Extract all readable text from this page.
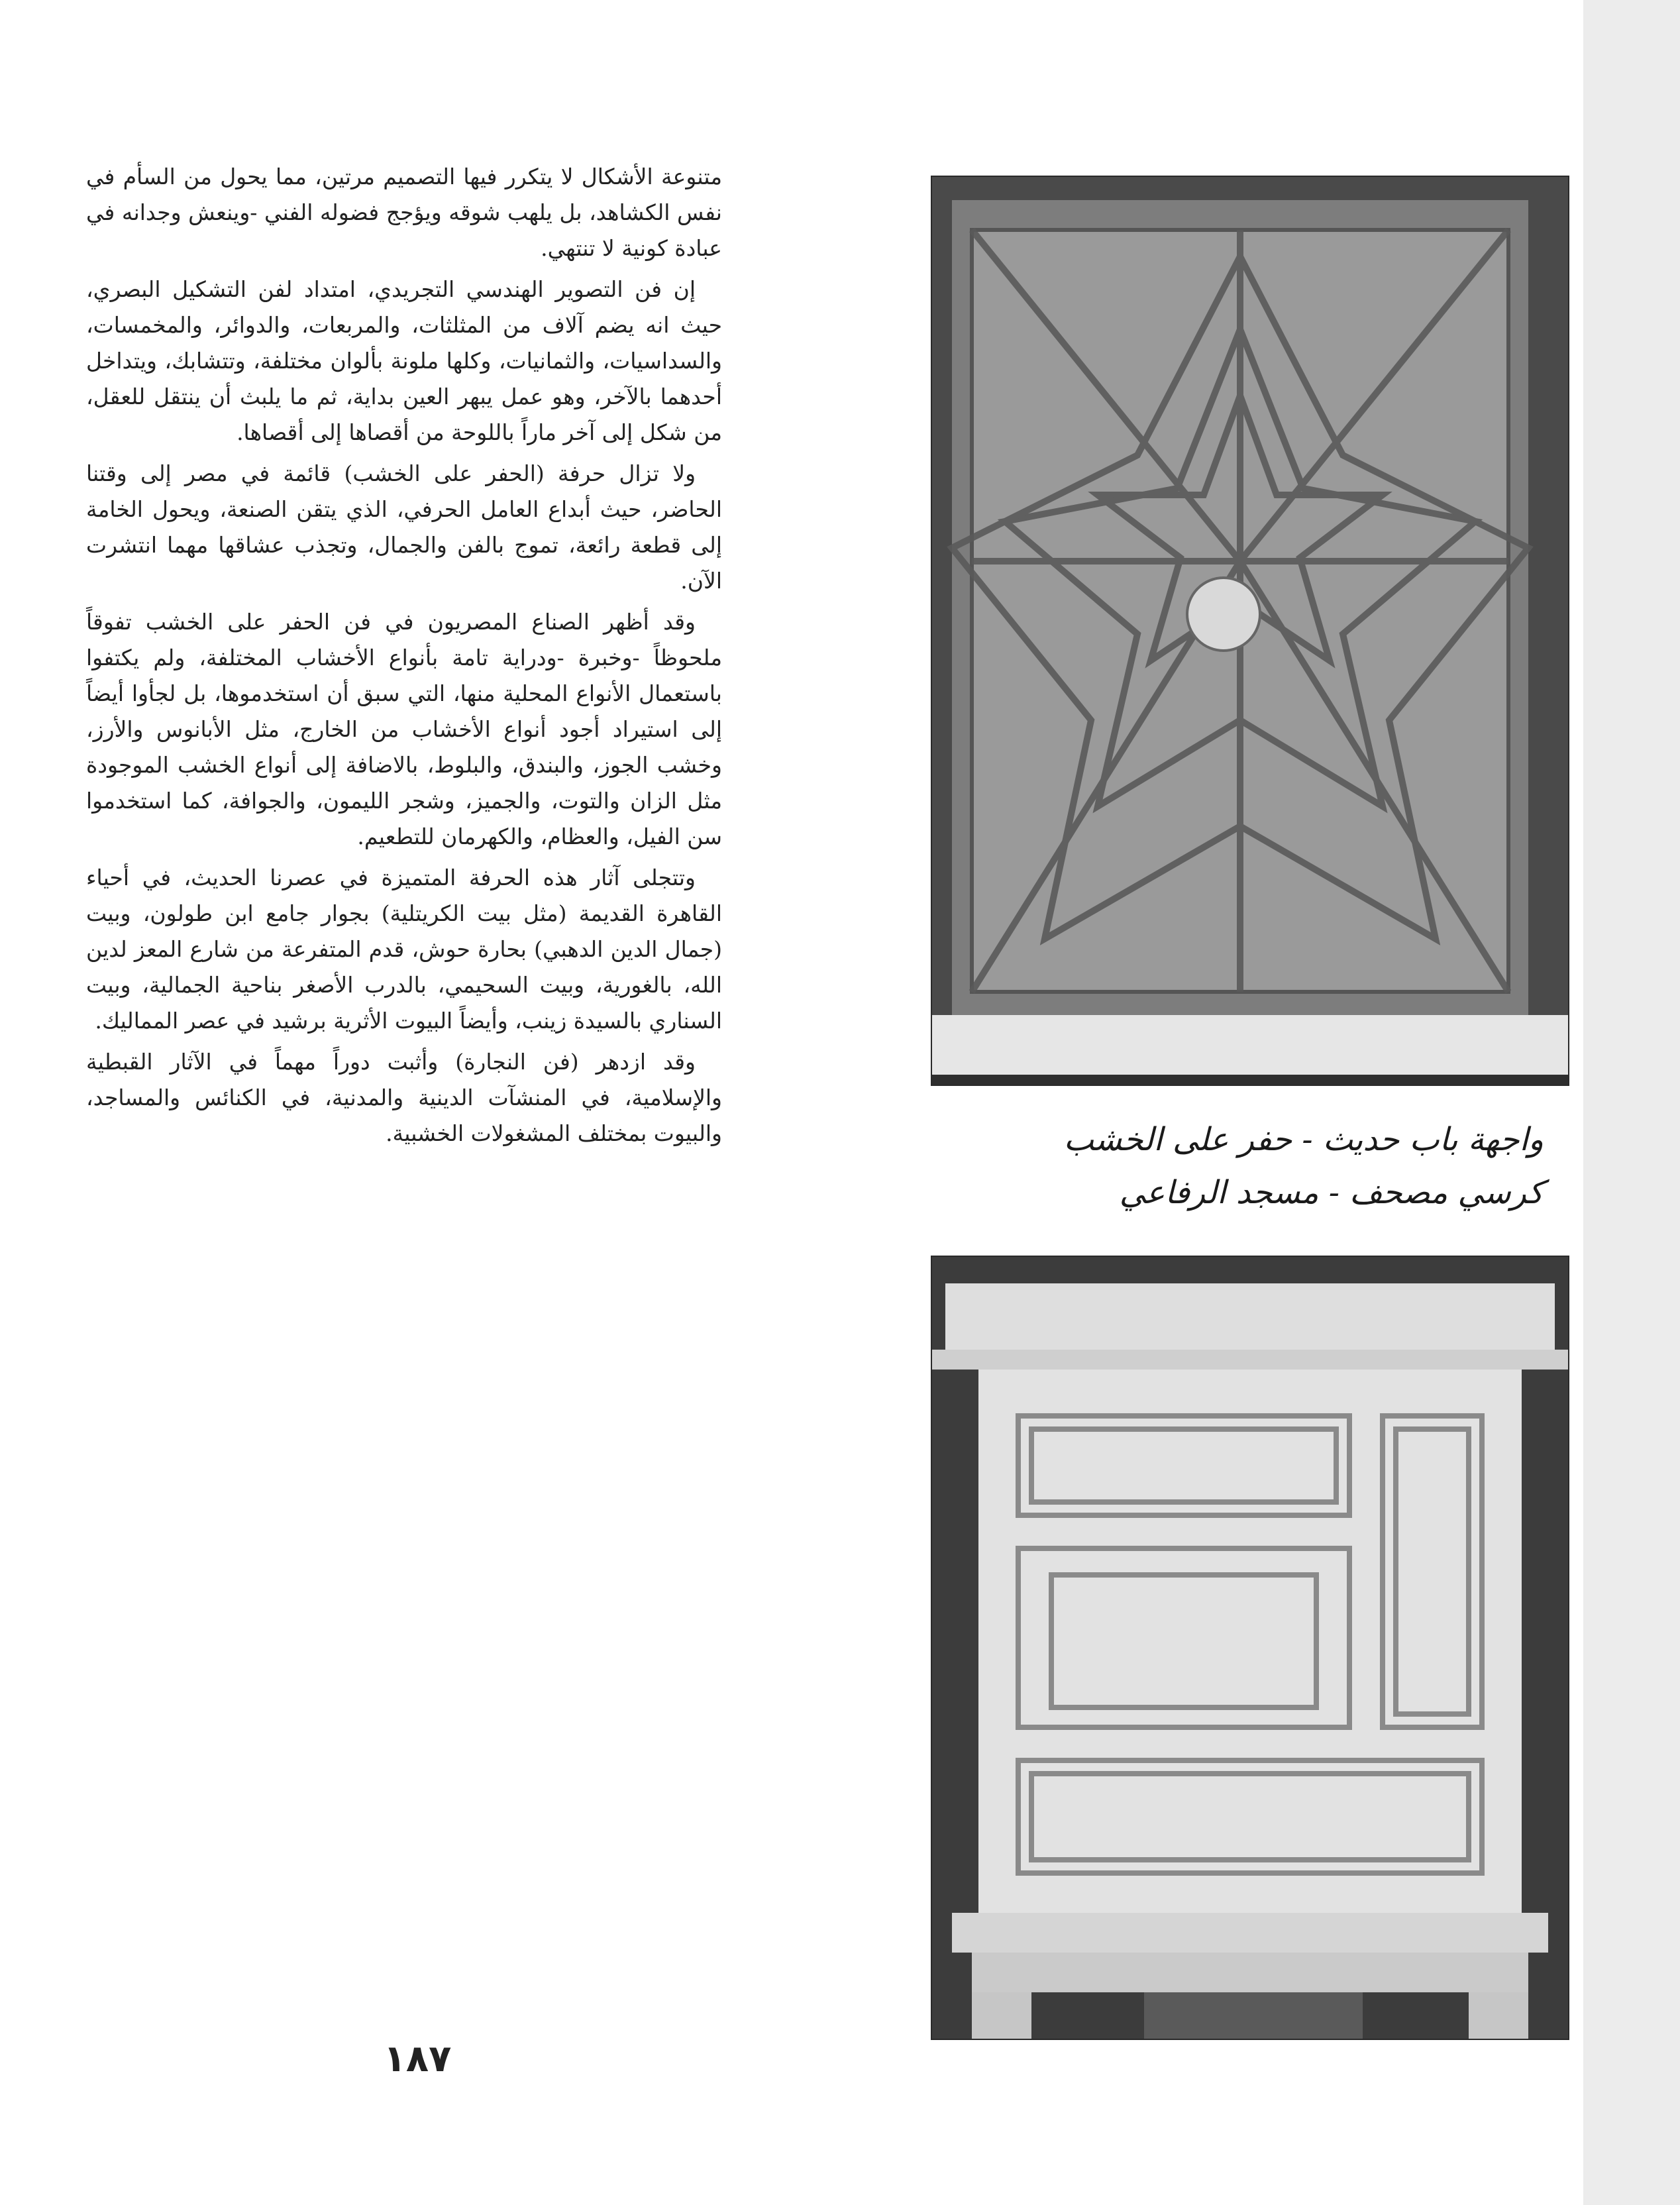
متنوعة الأشكال لا يتكرر فيها التصميم مرتين، مما يحول من السأم في نفس الكشاهد، بل يلهب شوقه ويؤجج فضوله الفني -وينعش وجدانه في عبادة كونية لا تنتهي.

إن فن التصوير الهندسي التجريدي، امتداد لفن التشكيل البصري، حيث انه يضم آلاف من المثلثات، والمربعات، والدوائر، والمخمسات، والسداسيات، والثمانيات، وكلها ملونة بألوان مختلفة، وتتشابك، ويتداخل أحدهما بالآخر، وهو عمل يبهر العين بداية، ثم ما يلبث أن ينتقل للعقل، من شكل إلى آخر ماراً باللوحة من أقصاها إلى أقصاها.

ولا تزال حرفة (الحفر على الخشب) قائمة في مصر إلى وقتنا الحاضر، حيث أبداع العامل الحرفي، الذي يتقن الصنعة، ويحول الخامة إلى قطعة رائعة، تموج بالفن والجمال، وتجذب عشاقها مهما انتشرت الآن.

وقد أظهر الصناع المصريون في فن الحفر على الخشب تفوقاً ملحوظاً -وخبرة -ودراية تامة بأنواع الأخشاب المختلفة، ولم يكتفوا باستعمال الأنواع المحلية منها، التي سبق أن استخدموها، بل لجأوا أيضاً إلى استيراد أجود أنواع الأخشاب من الخارج، مثل الأبانوس والأرز، وخشب الجوز، والبندق، والبلوط، بالاضافة إلى أنواع الخشب الموجودة مثل الزان والتوت، والجميز، وشجر الليمون، والجوافة، كما استخدموا سن الفيل، والعظام، والكهرمان للتطعيم.

وتتجلى آثار هذه الحرفة المتميزة في عصرنا الحديث، في أحياء القاهرة القديمة (مثل بيت الكريتلية) بجوار جامع ابن طولون، وبيت (جمال الدين الدهبي) بحارة حوش، قدم المتفرعة من شارع المعز لدين الله، بالغورية، وبيت السحيمي، بالدرب الأصغر بناحية الجمالية، وبيت السناري بالسيدة زينب، وأيضاً البيوت الأثرية برشيد في عصر المماليك.

وقد ازدهر (فن النجارة) وأثبت دوراً مهماً في الآثار القبطية والإسلامية، في المنشآت الدينية والمدنية، في الكنائس والمساجد، والبيوت بمختلف المشغولات الخشبية.

١٨٧
واجهة باب حديث - حفر على الخشب
كرسي مصحف - مسجد الرفاعي
